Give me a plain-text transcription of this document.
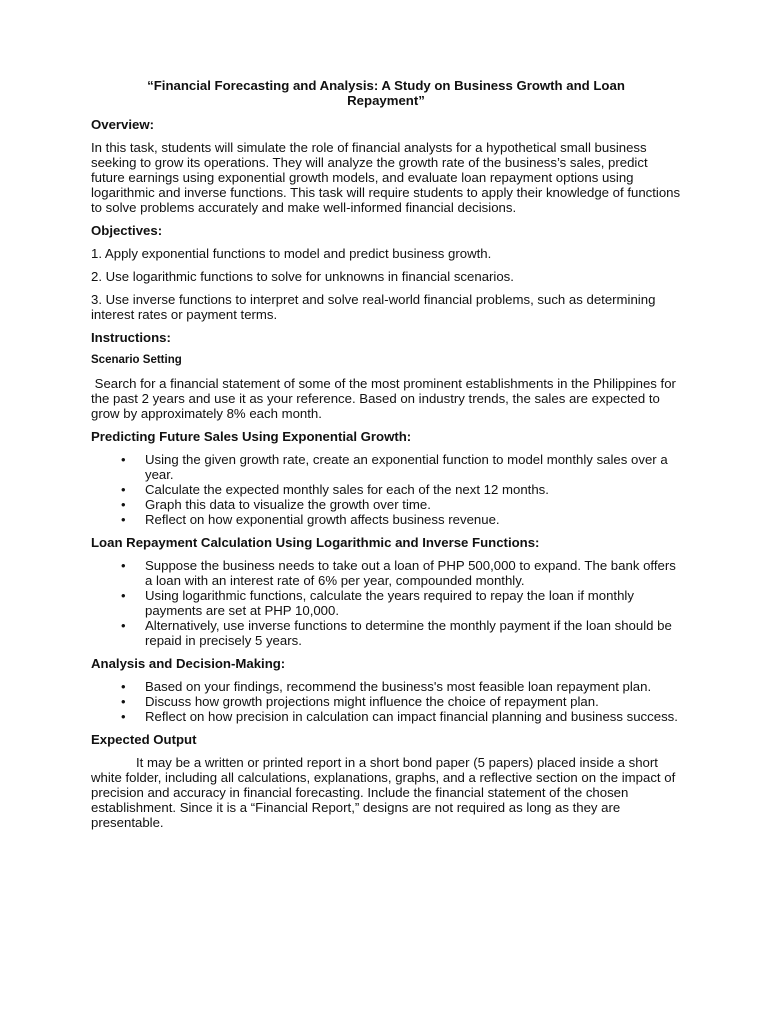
“Financial Forecasting and Analysis: A Study on Business Growth and Loan Repayment”
Overview:
In this task, students will simulate the role of financial analysts for a hypothetical small business seeking to grow its operations. They will analyze the growth rate of the business’s sales, predict future earnings using exponential growth models, and evaluate loan repayment options using logarithmic and inverse functions. This task will require students to apply their knowledge of functions to solve problems accurately and make well-informed financial decisions.
Objectives:
1. Apply exponential functions to model and predict business growth.
2. Use logarithmic functions to solve for unknowns in financial scenarios.
3. Use inverse functions to interpret and solve real-world financial problems, such as determining interest rates or payment terms.
Instructions:
Scenario Setting
Search for a financial statement of some of the most prominent establishments in the Philippines for the past 2 years and use it as your reference. Based on industry trends, the sales are expected to grow by approximately 8% each month.
Predicting Future Sales Using Exponential Growth:
• Using the given growth rate, create an exponential function to model monthly sales over a year.
• Calculate the expected monthly sales for each of the next 12 months.
• Graph this data to visualize the growth over time.
• Reflect on how exponential growth affects business revenue.
Loan Repayment Calculation Using Logarithmic and Inverse Functions:
• Suppose the business needs to take out a loan of PHP 500,000 to expand. The bank offers a loan with an interest rate of 6% per year, compounded monthly.
• Using logarithmic functions, calculate the years required to repay the loan if monthly payments are set at PHP 10,000.
• Alternatively, use inverse functions to determine the monthly payment if the loan should be repaid in precisely 5 years.
Analysis and Decision-Making:
• Based on your findings, recommend the business's most feasible loan repayment plan.
• Discuss how growth projections might influence the choice of repayment plan.
• Reflect on how precision in calculation can impact financial planning and business success.
Expected Output
It may be a written or printed report in a short bond paper (5 papers) placed inside a short white folder, including all calculations, explanations, graphs, and a reflective section on the impact of precision and accuracy in financial forecasting. Include the financial statement of the chosen establishment. Since it is a “Financial Report,” designs are not required as long as they are presentable.
